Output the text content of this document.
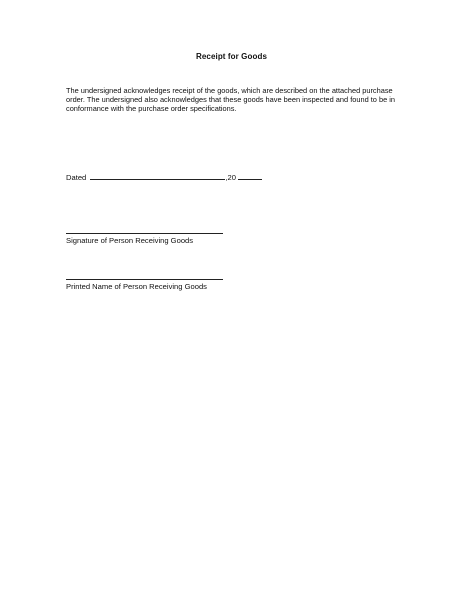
Receipt for Goods

The undersigned acknowledges receipt of the goods, which are described on the attached purchase order. The undersigned also acknowledges that these goods have been inspected and found to be in conformance with the purchase order specifications.

Dated	,20
Signature of Person Receiving Goods
Printed Name of Person Receiving Goods
